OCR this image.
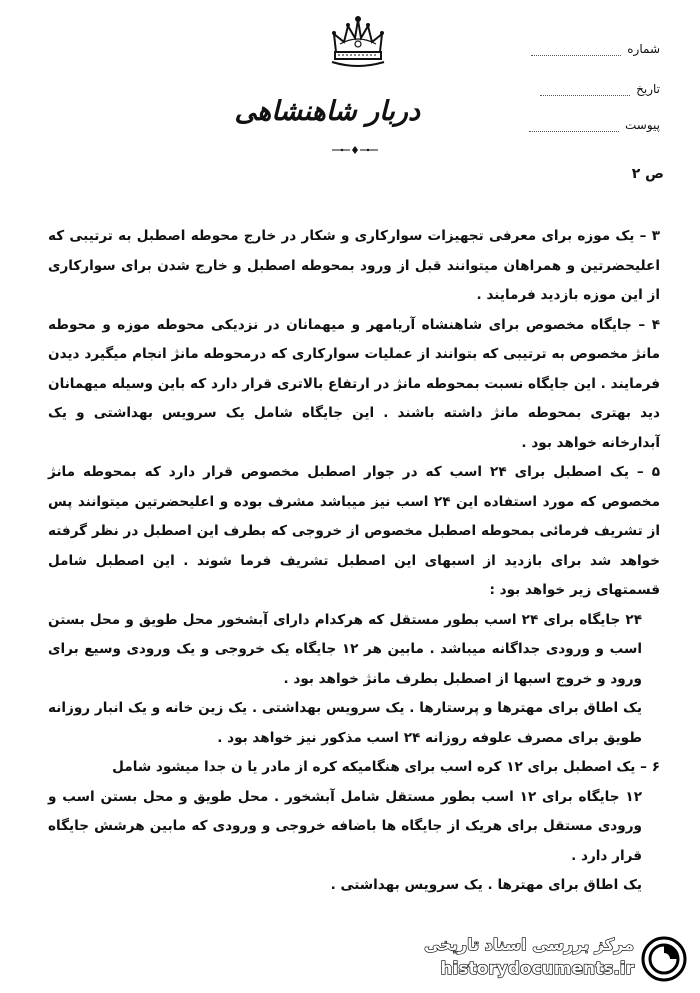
دربار شاهنشاهی
شماره
تاریخ
پیوست
ص ۲

۳ – یک موزه برای معرفی تجهیزات سوارکاری و شکار در خارج محوطه اصطبل به ترتیبی که اعلیحضرتین و همراهان میتوانند قبل از ورود بمحوطه اصطبل و خارج شدن برای سوارکاری از این موزه بازدید فرمایند .

۴ – جایگاه مخصوص برای شاهنشاه آریامهر و میهمانان در نزدیکی محوطه موزه و محوطه مانژ مخصوص به ترتیبی که بتوانند از عملیات سوارکاری که درمحوطه مانژ انجام میگیرد دیدن فرمایند . این جایگاه نسبت بمحوطه مانژ در ارتفاع بالاتری قرار دارد که باین وسیله میهمانان دید بهتری بمحوطه مانژ داشته باشند . این جایگاه شامل یک سرویس بهداشتی و یک آبدارخانه خواهد بود .

۵ – یک اصطبل برای ۲۴ اسب که در جوار اصطبل مخصوص قرار دارد که بمحوطه مانژ مخصوص که مورد استفاده این ۲۴ اسب نیز میباشد مشرف بوده و اعلیحضرتین میتوانند پس از تشریف فرمائی بمحوطه اصطبل مخصوص از خروجی که بطرف این اصطبل در نظر گرفته خواهد شد برای بازدید از اسبهای این اصطبل تشریف فرما شوند . این اصطبل شامل قسمتهای زیر خواهد بود :

۲۴ جایگاه برای ۲۴ اسب بطور مستقل که هرکدام دارای آبشخور محل طویق و محل بستن اسب و ورودی جداگانه میباشد . مابین هر ۱۲ جایگاه یک خروجی و یک ورودی وسیع برای ورود و خروج اسبها از اصطبل بطرف مانژ خواهد بود .

یک اطاق برای مهترها و پرستارها . یک سرویس بهداشتی . یک زین خانه و یک انبار روزانه طویق برای مصرف علوفه روزانه ۲۴ اسب مذکور نیز خواهد بود .

۶ – یک اصطبل برای ۱۲ کره اسب برای هنگامیکه کره از مادر یا ن جدا میشود شامل

۱۲ جایگاه برای ۱۲ اسب بطور مستقل شامل آبشخور . محل طویق و محل بستن اسب و ورودی مستقل برای هریک از جایگاه ها باضافه خروجی و ورودی که مابین هرشش جایگاه قرار دارد .

یک اطاق برای مهترها . یک سرویس بهداشتی .

مرکز بررسی اسناد تاریخی
historydocuments.ir
